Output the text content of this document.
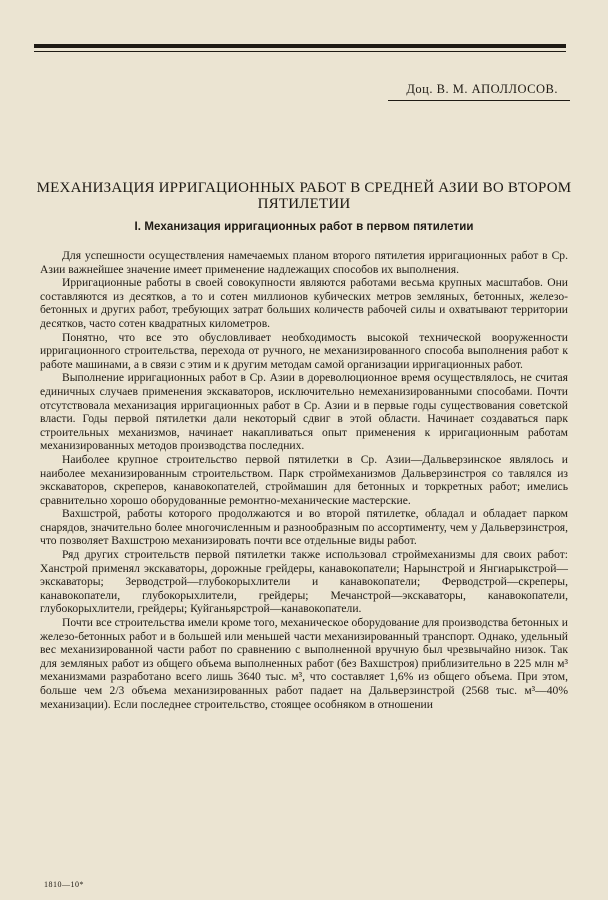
Доц. В. М. АПОЛЛОСОВ.
МЕХАНИЗАЦИЯ ИРРИГАЦИОННЫХ РАБОТ В СРЕДНЕЙ АЗИИ ВО ВТОРОМ ПЯТИЛЕТИИ
I. Механизация ирригационных работ в первом пятилетии

Для успешности осуществления намечаемых планом второго пятилетия ирригационных работ в Ср. Азии важнейшее значение имеет применение надлежащих способов их выполнения.

Ирригационные работы в своей совокупности являются работами весьма крупных масштабов. Они составляются из десятков, а то и сотен миллионов кубических метров земляных, бетонных, железо-бетонных и других работ, требующих затрат больших количеств рабочей силы и охватывают территории десятков, часто сотен квадратных километров.

Понятно, что все это обусловливает необходимость высокой технической вооруженности ирригационного строительства, перехода от ручного, не механизированного способа выполнения работ к работе машинами, а в связи с этим и к другим методам самой организации ирригационных работ.

Выполнение ирригационных работ в Ср. Азии в дореволюционное время осуществлялось, не считая единичных случаев применения экскаваторов, исключительно немеханизированными способами. Почти отсутствовала механизация ирригационных работ в Ср. Азии и в первые годы существования советской власти. Годы первой пятилетки дали некоторый сдвиг в этой области. Начинает создаваться парк строительных механизмов, начинает накапливаться опыт применения к ирригационным работам механизированных методов производства последних.

Наиболее крупное строительство первой пятилетки в Ср. Азии—Дальверзинское являлось и наиболее механизированным строительством. Парк строймеханизмов Дальверзинстроя со тавлялся из экскаваторов, скреперов, канавокопателей, строймашин для бетонных и торкретных работ; имелись сравнительно хорошо оборудованные ремонтно-механические мастерские.

Вахшстрой, работы которого продолжаются и во второй пятилетке, обладал и обладает парком снарядов, значительно более многочисленным и разнообразным по ассортименту, чем у Дальверзинстроя, что позволяет Вахшстрою механизировать почти все отдельные виды работ.

Ряд других строительств первой пятилетки также использовал строймеханизмы для своих работ: Ханстрой применял экскаваторы, дорожные грейдеры, канавокопатели; Нарынстрой и Янгиарыкстрой—экскаваторы; Зерводстрой—глубокорыхлители и канавокопатели; Ферводстрой—скреперы, канавокопатели, глубокорыхлители, грейдеры; Мечанстрой—экскаваторы, канавокопатели, глубокорыхлители, грейдеры; Куйганьярстрой—канавокопатели.

Почти все строительства имели кроме того, механическое оборудование для производства бетонных и железо-бетонных работ и в большей или меньшей части механизированный транспорт. Однако, удельный вес механизированной части работ по сравнению с выполненной вручную был чрезвычайно низок. Так для земляных работ из общего объема выполненных работ (без Вахшстроя) приблизительно в 225 млн м³ механизмами разработано всего лишь 3640 тыс. м³, что составляет 1,6% из общего объема. При этом, больше чем 2/3 объема механизированных работ падает на Дальверзинстрой (2568 тыс. м³—40% механизации). Если последнее строительство, стоящее особняком в отношении

1810—10*
